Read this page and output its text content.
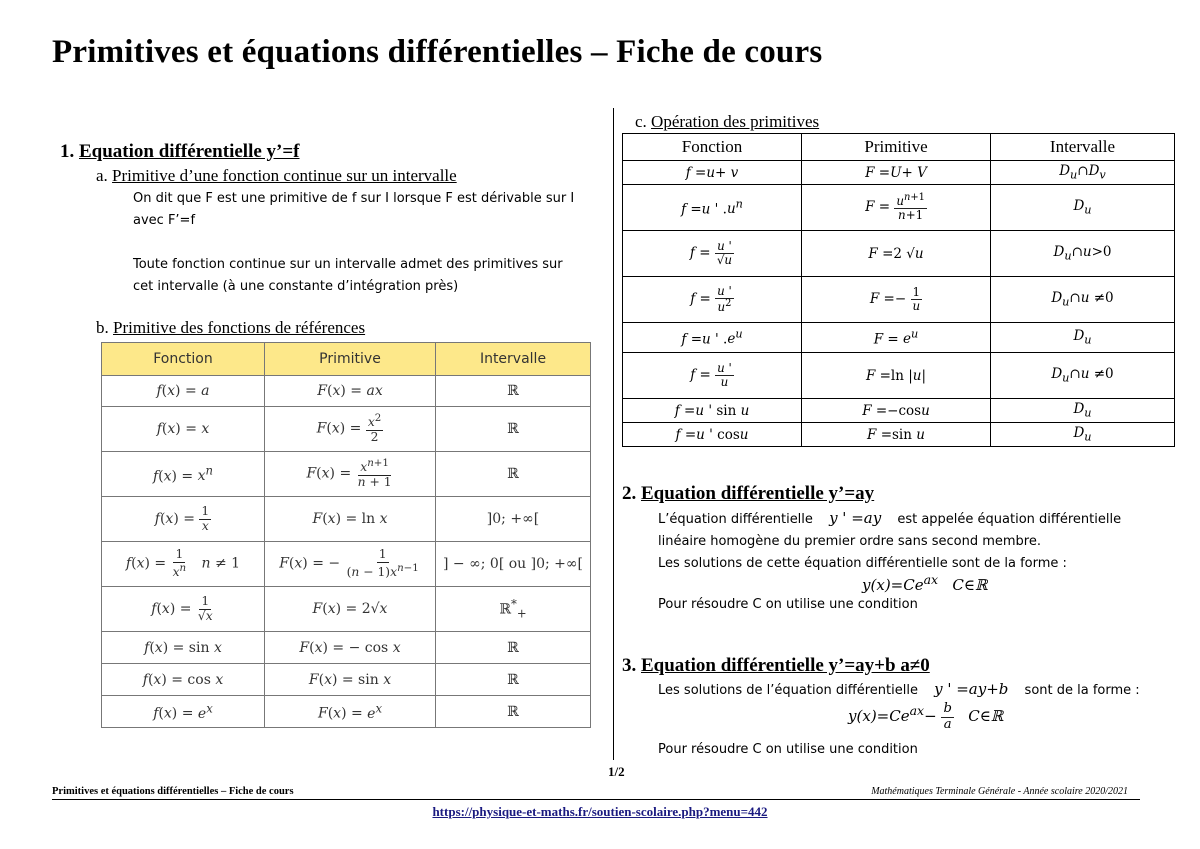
Primitives et équations différentielles – Fiche de cours
1. Equation différentielle y’=f
a. Primitive d’une fonction continue sur un intervalle
On dit que F est une primitive de f sur I lorsque F est dérivable sur I
avec F’=f
Toute fonction continue sur un intervalle admet des primitives sur
cet intervalle (à une constante d’intégration près)
b. Primitive des fonctions de références
Fonction	Primitive	Intervalle
f(x) = a	F(x) = ax	ℝ
f(x) = x	$F(x) = \frac{x^2}{2}$	ℝ
$f(x) = x^n$	$F(x) = \frac{x^{n+1}}{n + 1}$	ℝ
$f(x) = \frac{1}{x}$	F(x) = ln x	]0; +∞[
$f(x) = \frac{1}{x^n}$ n ≠ 1	F(x) = − $\frac{1}{(n - 1)x^{n-1}}$	] − ∞; 0[ ou ]0; +∞[
$f(x) = \frac{1}{√x}$	F(x) = 2√x	ℝ*$_+$
f(x) = sin x	F(x) = − cos x	ℝ
f(x) = cos x	F(x) = sin x	ℝ
$f(x) = e^x$	$F(x) = e^x$	ℝ
c. Opération des primitives
Fonction	Primitive	Intervalle
f =u+ v	F =U+ V	$D_u\cap D_v$
f =u ' $.u^n$	$F = \frac{u^{n+1}}{n+1}$	$D_u$
$f = \frac{u '}{√u}$	F =2 √u	$D_u\cap u>0$
$f = \frac{u '}{u^2}$	$F =- \frac{1}{u}$	$D_u\cap u \ne 0$
f =u ' $.e^u$	$F = e^u$	$D_u$
$f = \frac{u '}{u}$	F =ln |u|	$D_u\cap u \ne 0$
f =u ' sin u	F =−cosu	$D_u$
f =u ' cosu	F =sin u	$D_u$
2. Equation différentielle y’=ay
L’équation différentielle y ' =ay est appelée équation différentielle
linéaire homogène du premier ordre sans second membre.
Les solutions de cette équation différentielle sont de la forme :
$y(x)=Ce^{ax}$ C∈ℝ
Pour résoudre C on utilise une condition
3. Equation différentielle y’=ay+b a≠0
Les solutions de l’équation différentielle y ' =ay+b sont de la forme :
$y(x)=Ce^{ax}- \frac{b}{a}$ C∈ℝ
Pour résoudre C on utilise une condition
1/2
Primitives et équations différentielles – Fiche de cours	Mathématiques Terminale Générale - Année scolaire 2020/2021
https://physique-et-maths.fr/soutien-scolaire.php?menu=442
